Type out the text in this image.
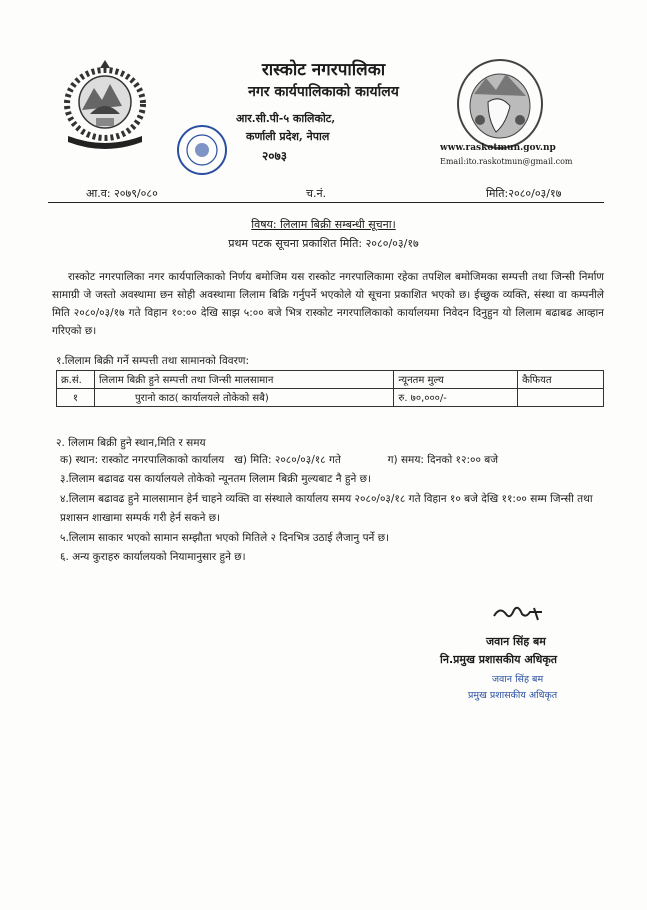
रास्कोट नगरपालिका
नगर कार्यपालिकाको कार्यालय
आर.सी.पी-५ कालिकोट,
कर्णाली प्रदेश, नेपाल
२०७३
www.raskotmun.gov.np
Email:ito.raskotmun@gmail.com
आ.व: २०७९/०८०	च.नं.	मिति:२०८०/०३/१७
विषय: लिलाम बिक्री सम्बन्धी सूचना।
प्रथम पटक सूचना प्रकाशित मिति: २०८०/०३/१७
रास्कोट नगरपालिका नगर कार्यपालिकाको निर्णय बमोजिम यस रास्कोट नगरपालिकामा रहेका तपशिल बमोजिमका सम्पत्ती तथा जिन्सी निर्माण सामाग्री जे जस्तो अवस्थामा छन सोही अवस्थामा लिलाम बिक्रि गर्नुपर्ने भएकोले यो सूचना प्रकाशित भएको छ। ईच्छुक व्यक्ति, संस्था वा कम्पनीले मिति २०८०/०३/१७ गते विहान १०:०० देखि साझ ५:०० बजे भित्र रास्कोट नगरपालिकाको कार्यालयमा निवेदन दिनुहुन यो लिलाम बढाबढ आव्हान गरिएको छ।
१.लिलाम बिक्री गर्ने सम्पत्ती तथा सामानको विवरण:
क्र.सं.	लिलाम बिक्री हुने सम्पत्ती तथा जिन्सी मालसामान	न्यूनतम मुल्य	कैफियत
१	पुरानो काठ( कार्यालयले तोकेको सबै)	रु. ७०,०००/-	
२. लिलाम बिक्री हुने स्थान,मिति र समय
क) स्थान: रास्कोट नगरपालिकाको कार्यालय   ख) मिति: २०८०/०३/१८ गते              ग) समय: दिनको १२:०० बजे
३.लिलाम बढावढ यस कार्यालयले तोकेको न्यूनतम लिलाम बिक्री मुल्यबाट नै हुने छ।
४.लिलाम बढावढ हुने मालसामान हेर्न चाहने व्यक्ति वा संस्थाले कार्यालय समय २०८०/०३/१८ गते विहान १० बजे देखि ११:०० सम्म जिन्सी तथा प्रशासन शाखामा सम्पर्क गरी हेर्न सकने छ।
५.लिलाम साकार भएको सामान सम्झौता भएको मितिले २ दिनभित्र उठाई लैजानु पर्ने छ।
६. अन्य कुराहरु कार्यालयको नियामानुसार हुने छ।
जवान सिंह बम
नि.प्रमुख प्रशासकीय अधिकृत
जवान सिंह बम
प्रमुख प्रशासकीय अधिकृत
